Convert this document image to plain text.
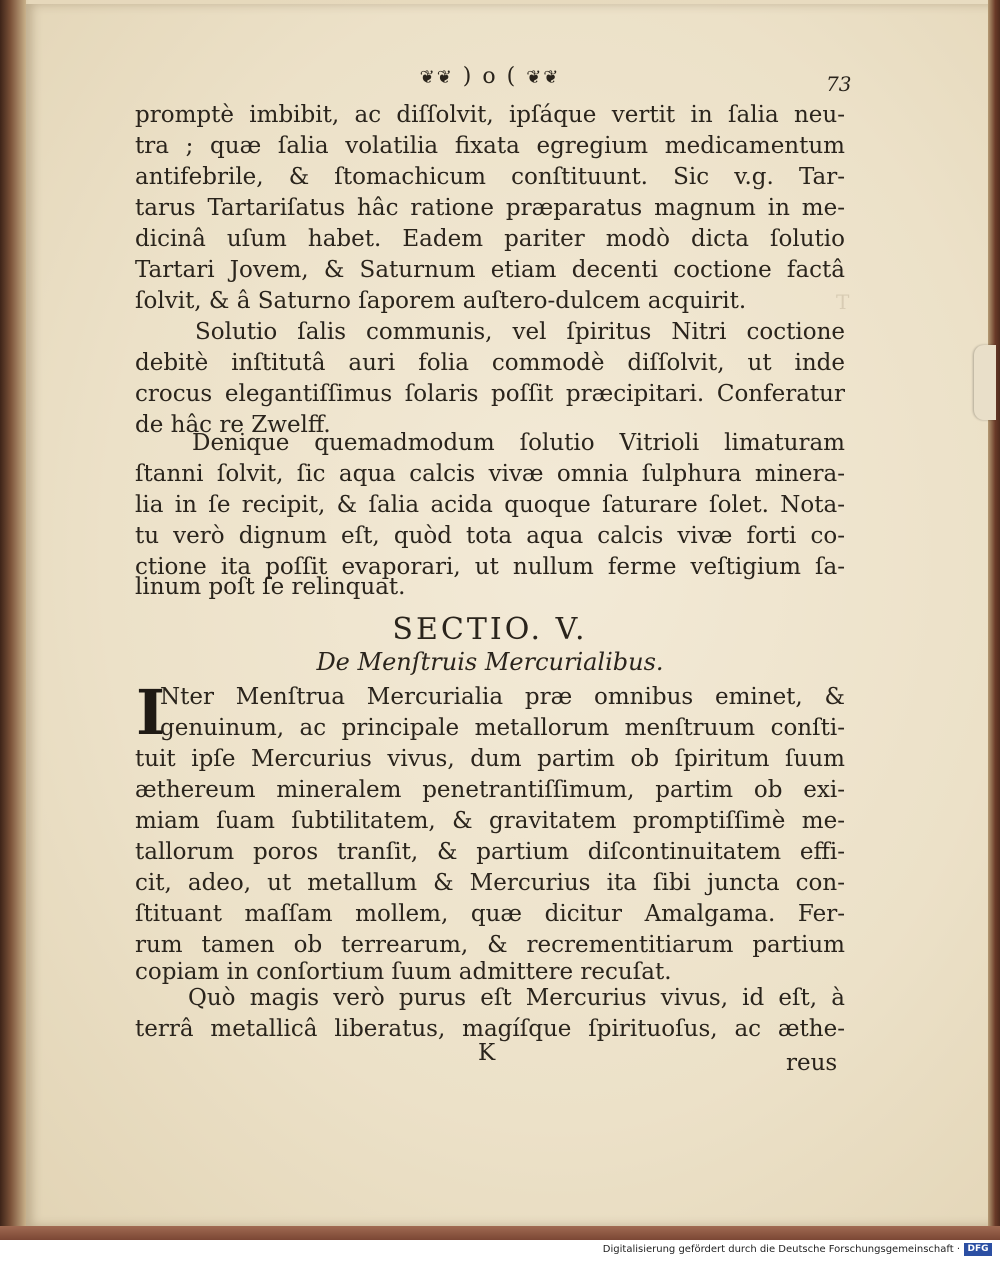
T
❦❦ ) o ( ❦❦	73
promptè imbibit, ac diſſolvit, ipſáque vertit in ſalia neu-
tra ; quæ ſalia volatilia fixata egregium medicamentum
antifebrile, & ſtomachicum conſtituunt. Sic v.g. Tar-
tarus Tartariſatus hâc ratione præparatus magnum in me-
dicinâ uſum habet. Eadem pariter modò dicta ſolutio
Tartari Jovem, & Saturnum etiam decenti coctione factâ
ſolvit, & â Saturno ſaporem auſtero-dulcem acquirit.
Solutio ſalis communis, vel ſpiritus Nitri coctione
debitè inſtitutâ auri folia commodè diſſolvit, ut inde
crocus elegantiſſimus ſolaris poſſit præcipitari. Conferatur
de hâc re Zwelff.
Denique quemadmodum ſolutio Vitrioli limaturam
ſtanni ſolvit, ſic aqua calcis vivæ omnia ſulphura minera-
lia in ſe recipit, & ſalia acida quoque ſaturare ſolet. Nota-
tu verò dignum eſt, quòd tota aqua calcis vivæ forti co-
ctione ita poſſit evaporari, ut nullum ferme veſtigium ſa-
linum poſt ſe relinquat.
SECTIO. V.
De Menſtruis Mercurialibus.
I
Nter Menſtrua Mercurialia præ omnibus eminet, &
genuinum, ac principale metallorum menſtruum conſti-
tuit ipſe Mercurius vivus, dum partim ob ſpiritum ſuum
æthereum mineralem penetrantiſſimum, partim ob exi-
miam ſuam ſubtilitatem, & gravitatem promptiſſimè me-
tallorum poros tranſit, & partium diſcontinuitatem effi-
cit, adeo, ut metallum & Mercurius ita ſibi juncta con-
ſtituant maſſam mollem, quæ dicitur Amalgama. Fer-
rum tamen ob terrearum, & recrementitiarum partium
copiam in conſortium ſuum admittere recuſat.
Quò magis verò purus eſt Mercurius vivus, id eſt, à
terrâ metallicâ liberatus, magíſque ſpirituoſus, ac æthe-
K	reus
Digitalisierung gefördert durch die Deutsche Forschungsgemeinschaft · DFG
